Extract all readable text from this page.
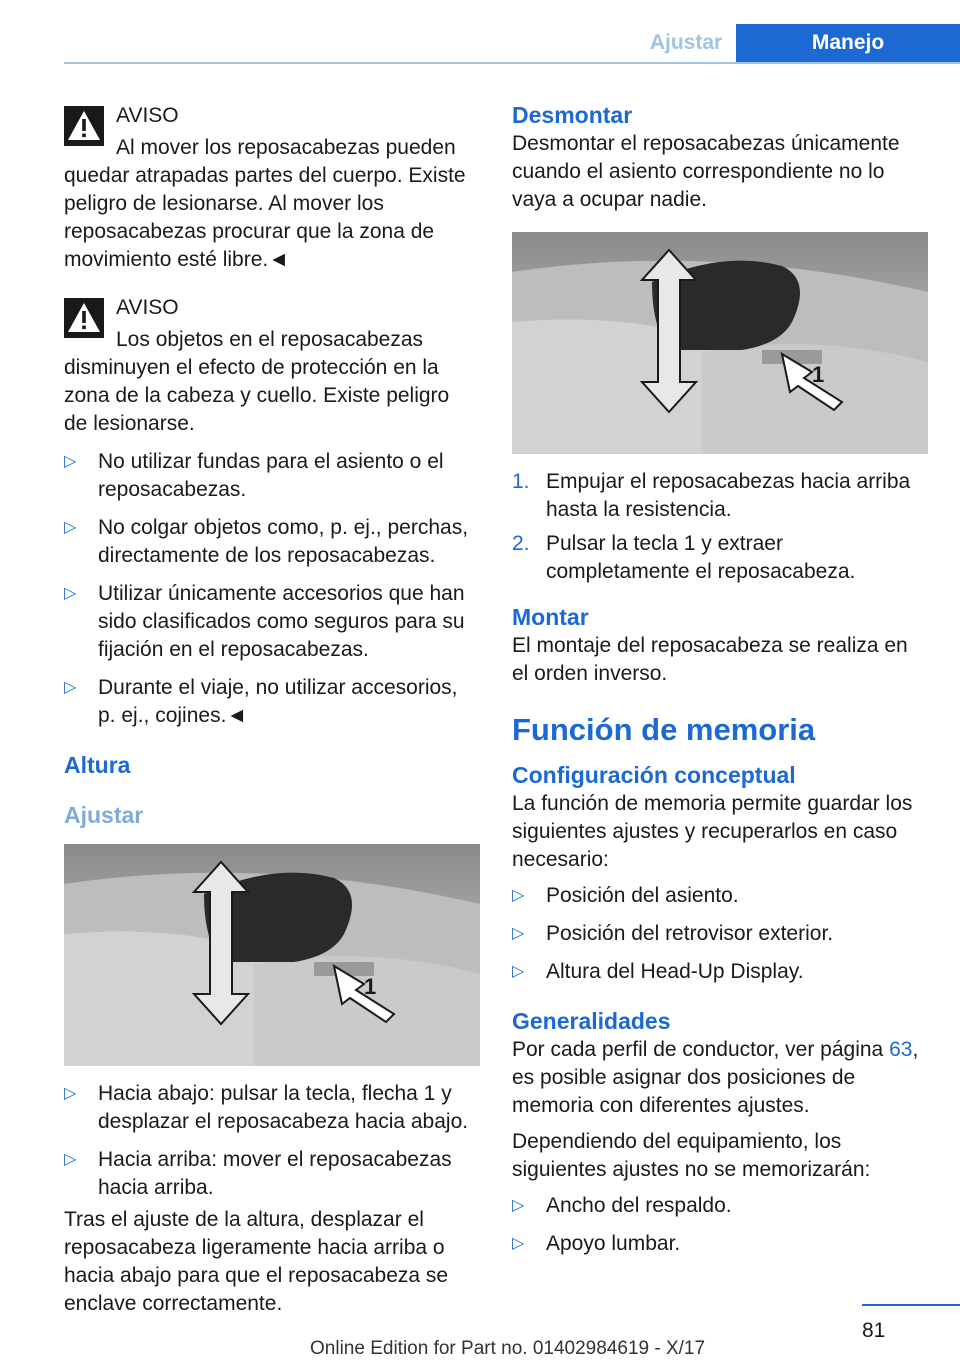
Ajustar	Manejo
AVISO

Al mover los reposacabezas pueden quedar atrapadas partes del cuerpo. Existe peligro de lesionarse. Al mover los reposacabezas procurar que la zona de movimiento esté libre.◄

AVISO

Los objetos en el reposacabezas disminuyen el efecto de protección en la zona de la cabeza y cuello. Existe peligro de lesionarse.

▷ No utilizar fundas para el asiento o el reposacabezas.
▷ No colgar objetos como, p. ej., perchas, directamente de los reposacabezas.
▷ Utilizar únicamente accesorios que han sido clasificados como seguros para su fijación en el reposacabezas.
▷ Durante el viaje, no utilizar accesorios, p. ej., cojines.◄
Altura
Ajustar
1
▷ Hacia abajo: pulsar la tecla, flecha 1 y desplazar el reposacabeza hacia abajo.
▷ Hacia arriba: mover el reposacabezas hacia arriba.

Tras el ajuste de la altura, desplazar el reposacabeza ligeramente hacia arriba o hacia abajo para que el reposacabeza se enclave correctamente.

Desmontar

Desmontar el reposacabezas únicamente cuando el asiento correspondiente no lo vaya a ocupar nadie.

1
1. Empujar el reposacabezas hacia arriba hasta la resistencia.
2. Pulsar la tecla 1 y extraer completamente el reposacabeza.
Montar

El montaje del reposacabeza se realiza en el orden inverso.

Función de memoria
Configuración conceptual

La función de memoria permite guardar los siguientes ajustes y recuperarlos en caso necesario:

▷ Posición del asiento.
▷ Posición del retrovisor exterior.
▷ Altura del Head-Up Display.
Generalidades

Por cada perfil de conductor, ver página 63, es posible asignar dos posiciones de memoria con diferentes ajustes.

Dependiendo del equipamiento, los siguientes ajustes no se memorizarán:

▷ Ancho del respaldo.
▷ Apoyo lumbar.
81
Online Edition for Part no. 01402984619 - X/17
